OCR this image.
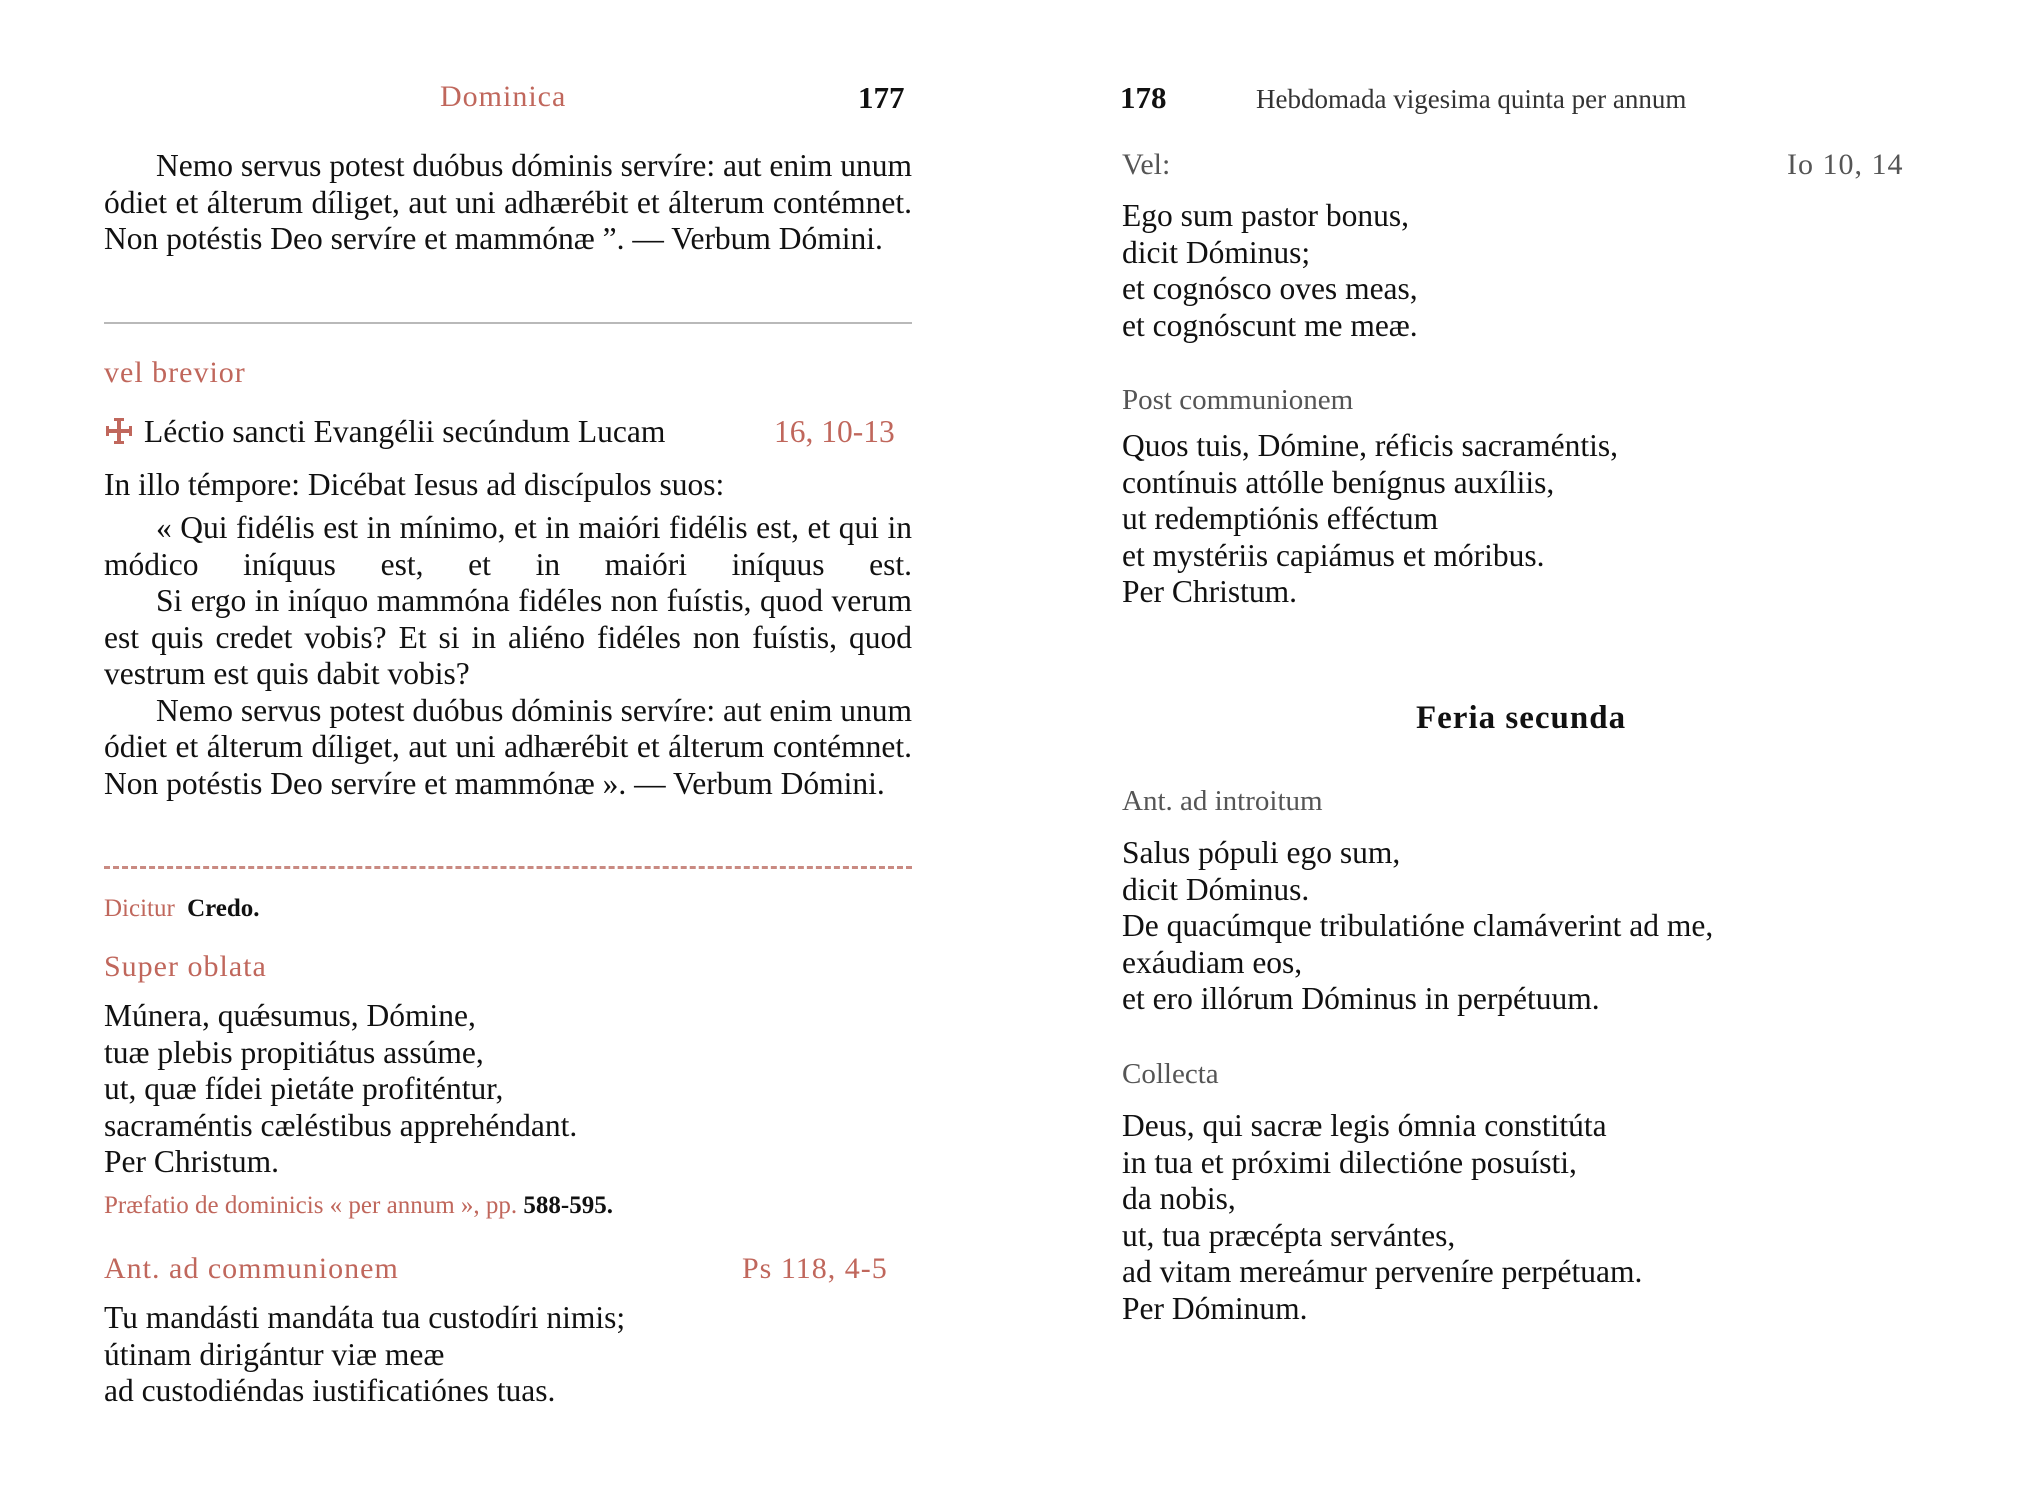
Dominica	177

Nemo servus potest duóbus dóminis servíre: aut enim unum ódiet et álterum díliget, aut uni adhærébit et álterum contémnet. Non potéstis Deo servíre et mammónæ ”. — Verbum Dómini.

vel brevior
Léctio sancti Evangélii secúndum Lucam	16, 10-13
In illo témpore: Dicébat Iesus ad discípulos suos:

« Qui fidélis est in mínimo, et in maióri fidélis est, et qui in módico iníquus est, et in maióri iníquus est.

Si ergo in iníquo mammóna fidéles non fuístis, quod verum est quis credet vobis? Et si in aliéno fidéles non fuístis, quod vestrum est quis dabit vobis?

Nemo servus potest duóbus dóminis servíre: aut enim unum ódiet et álterum díliget, aut uni adhærébit et álterum contémnet. Non potéstis Deo servíre et mammónæ ». — Verbum Dómini.

Dicitur Credo.
Super oblata
Múnera, quǽsumus, Dómine,
tuæ plebis propitiátus assúme,
ut, quæ fídei pietáte profiténtur,
sacraméntis cæléstibus apprehéndant.
Per Christum.
Præfatio de dominicis « per annum », pp. 588-595.
Ant. ad communionem	Ps 118, 4-5
Tu mandásti mandáta tua custodíri nimis;
útinam dirigántur viæ meæ
ad custodiéndas iustificatiónes tuas.
178	Hebdomada vigesima quinta per annum
Vel:	Io 10, 14
Ego sum pastor bonus,
dicit Dóminus;
et cognósco oves meas,
et cognóscunt me meæ.
Post communionem
Quos tuis, Dómine, réficis sacraméntis,
contínuis attólle benígnus auxíliis,
ut redemptiónis efféctum
et mystériis capiámus et móribus.
Per Christum.
Feria secunda
Ant. ad introitum
Salus pópuli ego sum,
dicit Dóminus.
De quacúmque tribulatióne clamáverint ad me,
exáudiam eos,
et ero illórum Dóminus in perpétuum.
Collecta
Deus, qui sacræ legis ómnia constitúta
in tua et próximi dilectióne posuísti,
da nobis,
ut, tua præcépta servántes,
ad vitam mereámur perveníre perpétuam.
Per Dóminum.
